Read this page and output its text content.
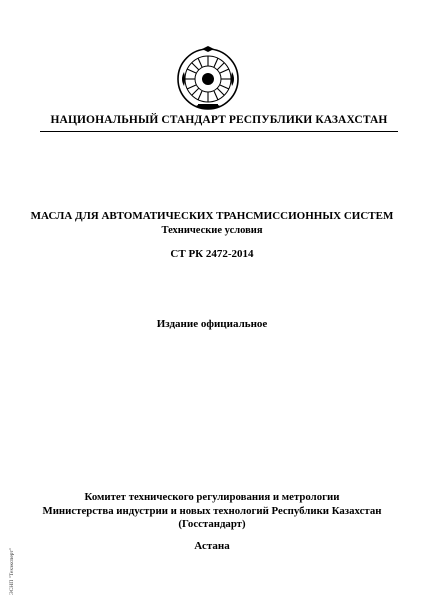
НАЦИОНАЛЬНЫЙ СТАНДАРТ РЕСПУБЛИКИ КАЗАХСТАН
МАСЛА ДЛЯ АВТОМАТИЧЕСКИХ ТРАНСМИССИОННЫХ СИСТЕМ
Технические условия
СТ РК 2472-2014
Издание официальное
Комитет технического регулирования и метрологии
Министерства индустрии и новых технологий Республики Казахстан
(Госстандарт)
Астана
ЭСНП "Техэксперт"
